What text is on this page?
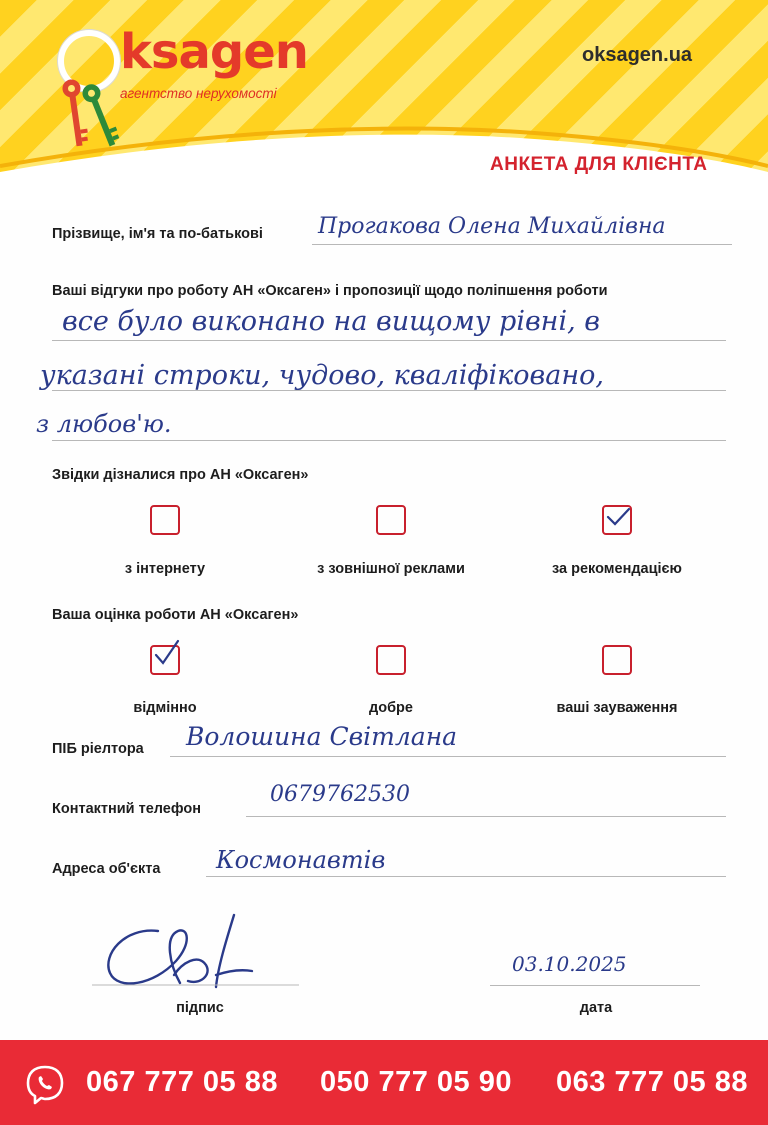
ksagen
агентство нерухомості
oksagen.ua
АНКЕТА ДЛЯ КЛІЄНТА
Прізвище, ім'я та по-батькові	Прогакова Олена Михайлівна
Ваші відгуки про роботу АН «Оксаген» і пропозиції щодо поліпшення роботи
все було виконано на вищому рівні, в
указані строки, чудово, кваліфіковано,
з любов'ю.
Звідки дізналися про АН «Оксаген»
з інтернету	з зовнішної реклами	за рекомендацією
Ваша оцінка роботи АН «Оксаген»
відмінно	добре	ваші зауваження
ПІБ ріелтора Волошина Світлана
Контактний телефон
0679762530
Адреса об'єкта Космонавтів
підпис
03.10.2025
дата
067 777 05 88 050 777 05 90 063 777 05 88
